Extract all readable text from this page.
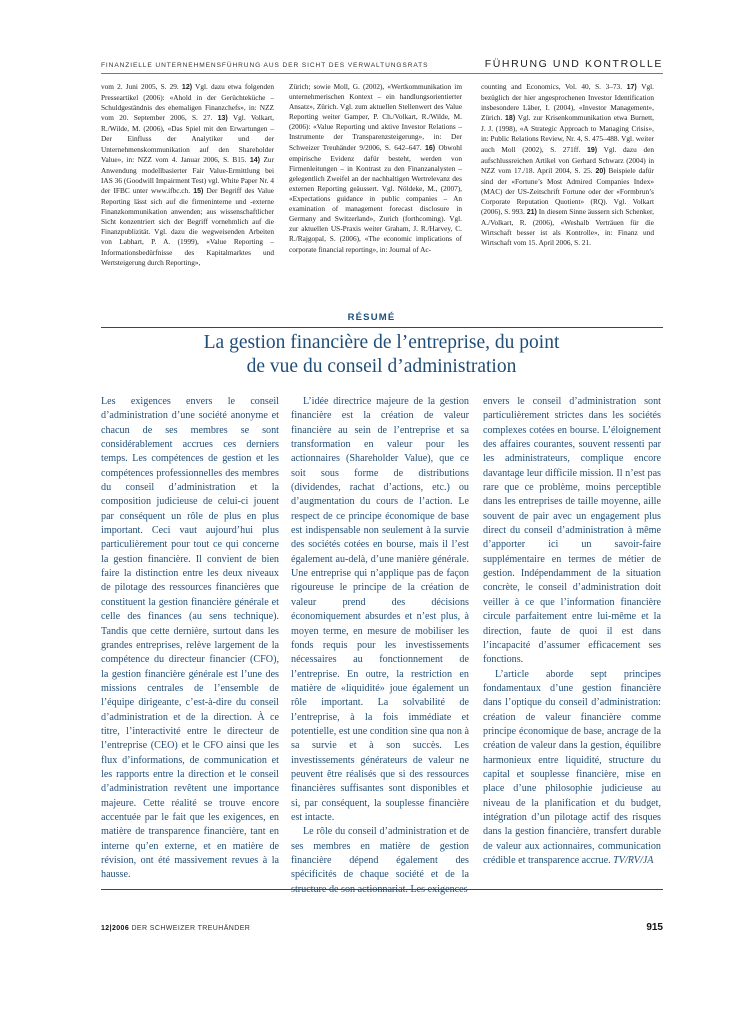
FINANZIELLE UNTERNEHMENSFÜHRUNG AUS DER SICHT DES VERWALTUNGSRATS	FÜHRUNG UND KONTROLLE
vom 2. Juni 2005, S. 29. 12) Vgl. dazu etwa folgenden Presseartikel (2006): «Ahold in der Gerüchteküche – Schuldgeständnis des ehemaligen Finanzchefs», in: NZZ vom 20. September 2006, S. 27. 13) Vgl. Volkart, R./Wilde, M. (2006), «Das Spiel mit den Erwartungen – Der Einfluss der Analytiker und der Unternehmenskommunikation auf den Shareholder Value», in: NZZ vom 4. Januar 2006, S. B15. 14) Zur Anwendung modellbasierter Fair Value-Ermittlung bei IAS 36 (Goodwill Impairment Test) vgl. White Paper Nr. 4 der IFBC unter www.ifbc.ch. 15) Der Begriff des Value Reporting lässt sich auf die firmeninterne und -externe Finanzkommunikation anwenden; aus wissenschaftlicher Sicht konzentriert sich der Begriff vornehmlich auf die Finanzpublizität. Vgl. dazu die wegweisenden Arbeiten von Labhart, P. A. (1999), «Value Reporting – Informationsbedürfnisse des Kapitalmarktes und Wertsteigerung durch Reporting»,
Zürich; sowie Moll, G. (2002), «Wertkommunikation im unternehmerischen Kontext – ein handlungsorientierter Ansatz», Zürich. Vgl. zum aktuellen Stellenwert des Value Reporting weiter Gamper, P. Ch./Volkart, R./Wilde, M. (2006): «Value Reporting und aktive Investor Relations – Instrumente der Transparenzsteigerung», in: Der Schweizer Treuhänder 9/2006, S. 642–647. 16) Obwohl empirische Evidenz dafür besteht, werden von Firmenleitungen – in Kontrast zu den Finanzanalysten – gelegentlich Zweifel an der nachhaltigen Wertrelevanz des externen Reporting geäussert. Vgl. Nöldeke, M., (2007), «Expectations guidance in public companies – An examination of management forecast disclosure in Germany and Switzerland», Zurich (forthcoming). Vgl. zur aktuellen US-Praxis weiter Graham, J. R./Harvey, C. R./Rajgopal, S. (2006), «The economic implications of corporate financial reporting», in: Journal of Ac-
counting and Economics, Vol. 40, S. 3–73. 17) Vgl. bezüglich der hier angesprochenen Investor Identification insbesondere Läber, I. (2004), «Investor Management», Zürich. 18) Vgl. zur Krisenkommunikation etwa Burnett, J. J. (1998), «A Strategic Approach to Managing Crisis», in: Public Relations Review, Nr. 4, S. 475–488. Vgl. weiter auch Moll (2002), S. 271ff. 19) Vgl. dazu den aufschlussreichen Artikel von Gerhard Schwarz (2004) in NZZ vom 17./18. April 2004, S. 25. 20) Beispiele dafür sind der «Fortune’s Most Admired Companies Index» (MAC) der US-Zeitschrift Fortune oder der «Formbrun’s Corporate Reputation Quotient» (RQ). Vgl. Volkart (2006), S. 993. 21) In diesem Sinne äussern sich Schenker, A./Volkart, R. (2006), «Weshalb Verträuen für die Wirtschaft besser ist als Kontrolle», in: Finanz und Wirtschaft vom 15. April 2006, S. 21.
RÉSUMÉ
La gestion financière de l’entreprise, du point
de vue du conseil d’administration

Les exigences envers le conseil d’administration d’une société anonyme et chacun de ses membres se sont considérablement accrues ces derniers temps. Les compétences de gestion et les compétences professionnelles des membres du conseil d’administration et la composition judicieuse de celui-ci jouent par conséquent un rôle de plus en plus important. Ceci vaut aujourd’hui plus particulièrement pour tout ce qui concerne la gestion financière. Il convient de bien faire la distinction entre les deux niveaux de pilotage des ressources financières que constituent la gestion financière générale et celle des finances (au sens technique). Tandis que cette dernière, surtout dans les grandes entreprises, relève largement de la compétence du directeur financier (CFO), la gestion financière générale est l’une des missions centrales de l’ensemble de l’équipe dirigeante, c’est-à-dire du conseil d’administration et de la direction. À ce titre, l’interactivité entre le directeur de l’entreprise (CEO) et le CFO ainsi que les flux d’informations, de communication et les rapports entre la direction et le conseil d’administration revêtent une importance majeure. Cette réalité se trouve encore accentuée par le fait que les exigences, en matière de transparence financière, tant en interne qu’en externe, et en matière de révision, ont été massivement revues à la hausse.

L’idée directrice majeure de la gestion financière est la création de valeur financière au sein de l’entreprise et sa transformation en valeur pour les actionnaires (Shareholder Value), que ce soit sous forme de distributions (dividendes, rachat d’actions, etc.) ou d’augmentation du cours de l’action. Le respect de ce principe économique de base est indispensable non seulement à la survie des sociétés cotées en bourse, mais il l’est également au-delà, d’une manière générale. Une entreprise qui n’applique pas de façon rigoureuse le principe de la création de valeur prend des décisions économiquement absurdes et n’est plus, à moyen terme, en mesure de mobiliser les fonds requis pour les investissements nécessaires au fonctionnement de l’entreprise. En outre, la restriction en matière de «liquidité» joue également un rôle important. La solvabilité de l’entreprise, à la fois immédiate et potentielle, est une condition sine qua non à sa survie et à son succès. Les investissements générateurs de valeur ne peuvent être réalisés que si des ressources financières suffisantes sont disponibles et si, par conséquent, la souplesse financière est intacte.

Le rôle du conseil d’administration et de ses membres en matière de gestion financière dépend également des spécificités de chaque société et de la structure de son actionnariat. Les exigences

envers le conseil d’administration sont particulièrement strictes dans les sociétés complexes cotées en bourse. L’éloignement des affaires courantes, souvent ressenti par les administrateurs, complique encore davantage leur difficile mission. Il n’est pas rare que ce problème, moins perceptible dans les entreprises de taille moyenne, aille souvent de pair avec un engagement plus direct du conseil d’administration à même d’apporter ici un savoir-faire supplémentaire en termes de métier de gestion. Indépendamment de la situation concrète, le conseil d’administration doit veiller à ce que l’information financière circule parfaitement entre lui-même et la direction, faute de quoi il est dans l’incapacité d’assumer efficacement ses fonctions.

L’article aborde sept principes fondamentaux d’une gestion financière dans l’optique du conseil d’administration: création de valeur financière comme principe économique de base, ancrage de la création de valeur dans la gestion, équilibre harmonieux entre liquidité, structure du capital et souplesse financière, mise en place d’une philosophie judicieuse au niveau de la planification et du budget, intégration d’un pilotage actif des risques dans la gestion financière, transfert durable de valeur aux actionnaires, communication crédible et transparence accrue. TV/RV/JA

12|2006 DER SCHWEIZER TREUHÄNDER	915
